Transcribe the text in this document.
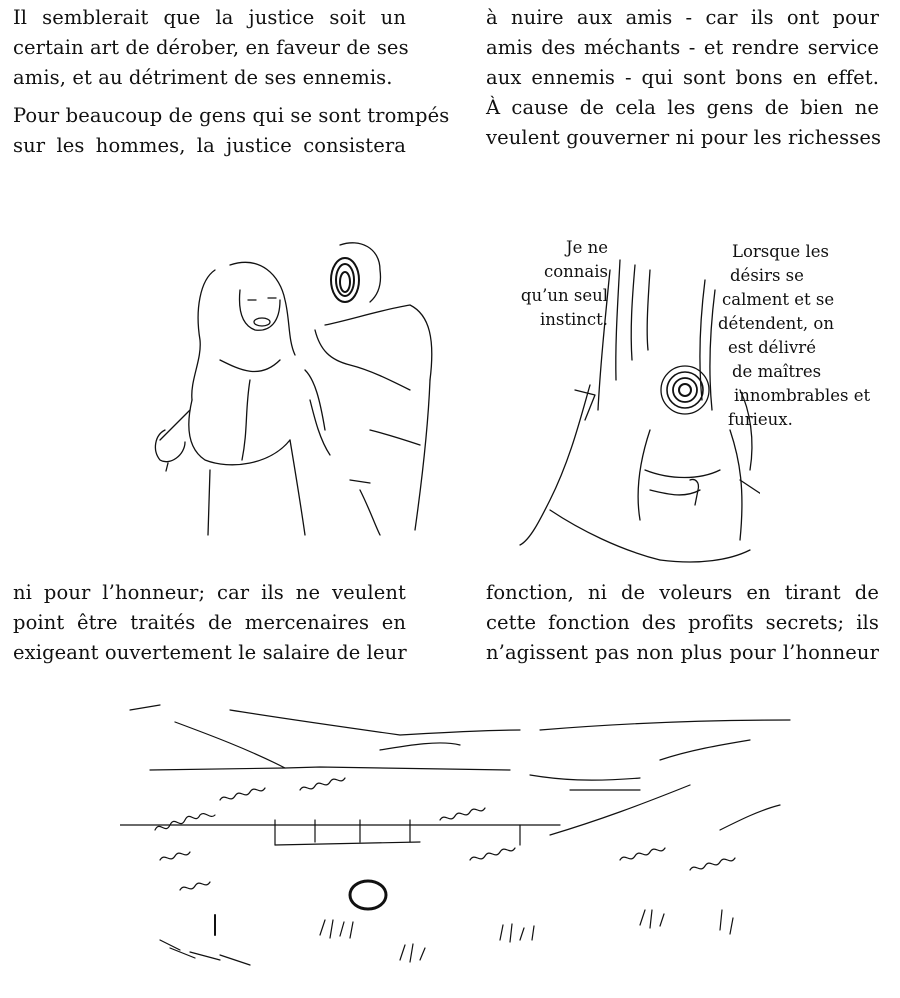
Il semblerait que la justice soit un
certain art de dérober, en faveur de ses
amis, et au détriment de ses ennemis.
Pour beaucoup de gens qui se sont trompés
sur les hommes, la justice consistera
à nuire aux amis - car ils ont pour
amis des méchants - et rendre service
aux ennemis - qui sont bons en effet.
À cause de cela les gens de bien ne
veulent gouverner ni pour les richesses
Je ne
connais
qu’un seul
instinct.
Lorsque les
désirs se
calment et se
détendent, on
est délivré
de maîtres
innombrables et
furieux.
ni pour l’honneur; car ils ne veulent
point être traités de mercenaires en
exigeant ouvertement le salaire de leur
fonction, ni de voleurs en tirant de
cette fonction des profits secrets; ils
n’agissent pas non plus pour l’honneur
